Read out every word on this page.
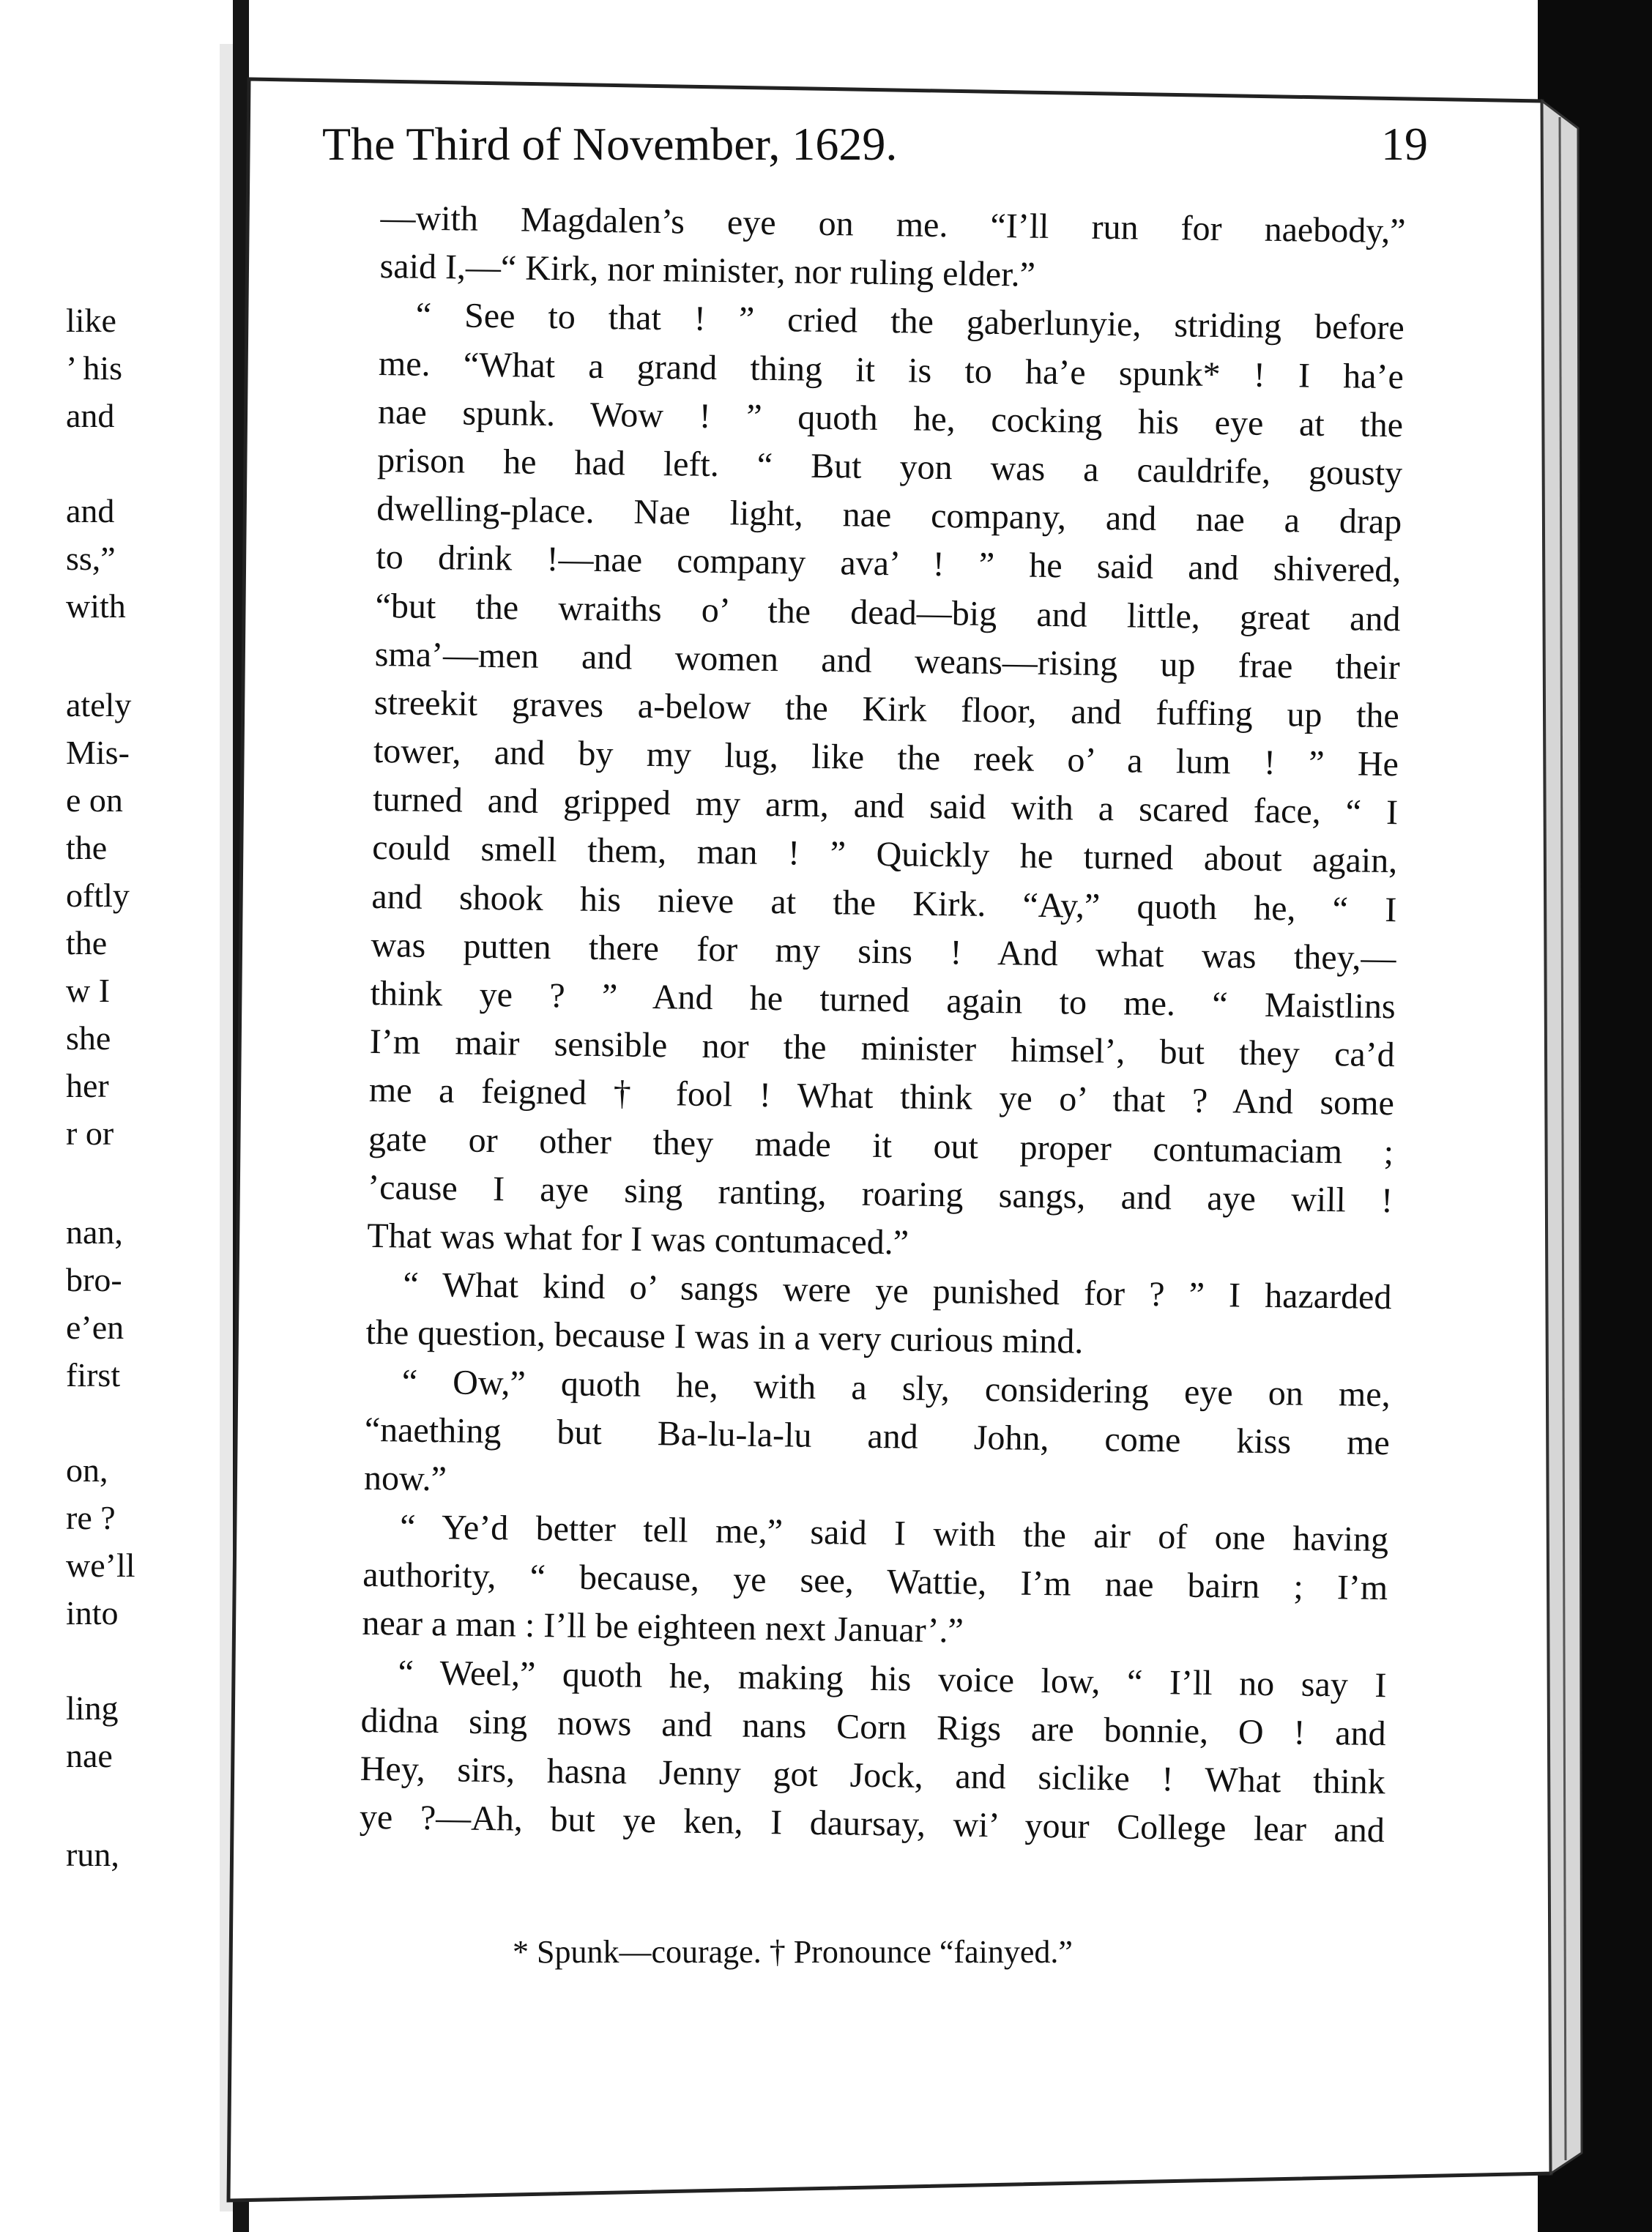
like
’ his
and
and
ss,”
with
ately
Mis-
e on
the
oftly
the
w I
she
her
r or
nan,
bro-
e’en
first
on,
re ?
we’ll
into
ling
nae
run,
The Third of November, 1629.	19
—with Magdalen’s eye on me. “I’ll run for naebody,”
said I,—“ Kirk, nor minister, nor ruling elder.”
“ See to that ! ” cried the gaberlunyie, striding before
me. “What a grand thing it is to ha’e spunk* ! I ha’e
nae spunk. Wow ! ” quoth he, cocking his eye at the
prison he had left. “ But yon was a cauldrife, gousty
dwelling-place. Nae light, nae company, and nae a drap
to drink !—nae company ava’ ! ” he said and shivered,
“but the wraiths o’ the dead—big and little, great and
sma’—men and women and weans—rising up frae their
streekit graves a-below the Kirk floor, and fuffing up the
tower, and by my lug, like the reek o’ a lum ! ” He
turned and gripped my arm, and said with a scared face, “ I
could smell them, man ! ” Quickly he turned about again,
and shook his nieve at the Kirk. “Ay,” quoth he, “ I
was putten there for my sins ! And what was they,—
think ye ? ” And he turned again to me. “ Maistlins
I’m mair sensible nor the minister himsel’, but they ca’d
me a feigned † fool ! What think ye o’ that ? And some
gate or other they made it out proper contumaciam ;
’cause I aye sing ranting, roaring sangs, and aye will !
That was what for I was contumaced.”
“ What kind o’ sangs were ye punished for ? ” I hazarded
the question, because I was in a very curious mind.
“ Ow,” quoth he, with a sly, considering eye on me,
“naething but Ba-lu-la-lu and John, come kiss me
now.”
“ Ye’d better tell me,” said I with the air of one having
authority, “ because, ye see, Wattie, I’m nae bairn ; I’m
near a man : I’ll be eighteen next Januar’.”
“ Weel,” quoth he, making his voice low, “ I’ll no say I
didna sing nows and nans Corn Rigs are bonnie, O ! and
Hey, sirs, hasna Jenny got Jock, and siclike ! What think
ye ?—Ah, but ye ken, I daursay, wi’ your College lear and
* Spunk—courage. † Pronounce “fainyed.”
